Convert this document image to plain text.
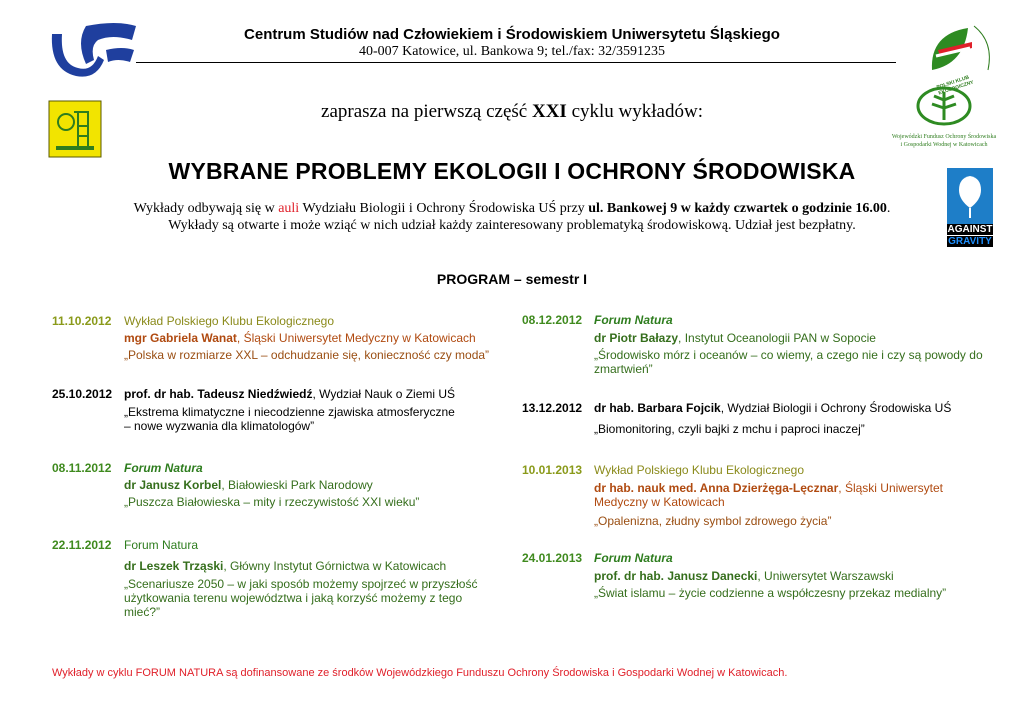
POLSKI KLUB EKOLOGICZNY
Wojewódzki Fundusz Ochrony Środowiska
i Gospodarki Wodnej w Katowicach
AGAINST
GRAVITY
Centrum Studiów nad Człowiekiem i Środowiskiem Uniwersytetu Śląskiego
40-007 Katowice, ul. Bankowa 9; tel./fax: 32/3591235
zaprasza na pierwszą część XXI cyklu wykładów:
WYBRANE PROBLEMY EKOLOGII I OCHRONY ŚRODOWISKA
Wykłady odbywają się w auli Wydziału Biologii i Ochrony Środowiska UŚ przy ul. Bankowej 9 w każdy czwartek o godzinie 16.00.
Wykłady są otwarte i może wziąć w nich udział każdy zainteresowany problematyką środowiskową. Udział jest bezpłatny.
PROGRAM – semestr I
11.10.2012 Wykład Polskiego Klubu Ekologicznego
mgr Gabriela Wanat, Śląski Uniwersytet Medyczny w Katowicach
„Polska w rozmiarze XXL – odchudzanie się, konieczność czy moda”
25.10.2012 prof. dr hab. Tadeusz Niedźwiedź, Wydział Nauk o Ziemi UŚ
„Ekstrema klimatyczne i niecodzienne zjawiska atmosferyczne
– nowe wyzwania dla klimatologów”
08.11.2012 Forum Natura
dr Janusz Korbel, Białowieski Park Narodowy
„Puszcza Białowieska – mity i rzeczywistość XXI wieku”
22.11.2012 Forum Natura
dr Leszek Trząski, Główny Instytut Górnictwa w Katowicach
„Scenariusze 2050 – w jaki sposób możemy spojrzeć w przyszłość
użytkowania terenu województwa i jaką korzyść możemy z tego
mieć?”
08.12.2012 Forum Natura
dr Piotr Bałazy, Instytut Oceanologii PAN w Sopocie
„Środowisko mórz i oceanów – co wiemy, a czego nie i czy są powody do
zmartwień”
13.12.2012 dr hab. Barbara Fojcik, Wydział Biologii i Ochrony Środowiska UŚ
„Biomonitoring, czyli bajki z mchu i paproci inaczej”
10.01.2013 Wykład Polskiego Klubu Ekologicznego
dr hab. nauk med. Anna Dzierżęga-Lęcznar, Śląski Uniwersytet
Medyczny w Katowicach
„Opalenizna, złudny symbol zdrowego życia”
24.01.2013 Forum Natura
prof. dr hab. Janusz Danecki, Uniwersytet Warszawski
„Świat islamu – życie codzienne a współczesny przekaz medialny”
Wykłady w cyklu FORUM NATURA są dofinansowane ze środków Wojewódzkiego Funduszu Ochrony Środowiska i Gospodarki Wodnej w Katowicach.
